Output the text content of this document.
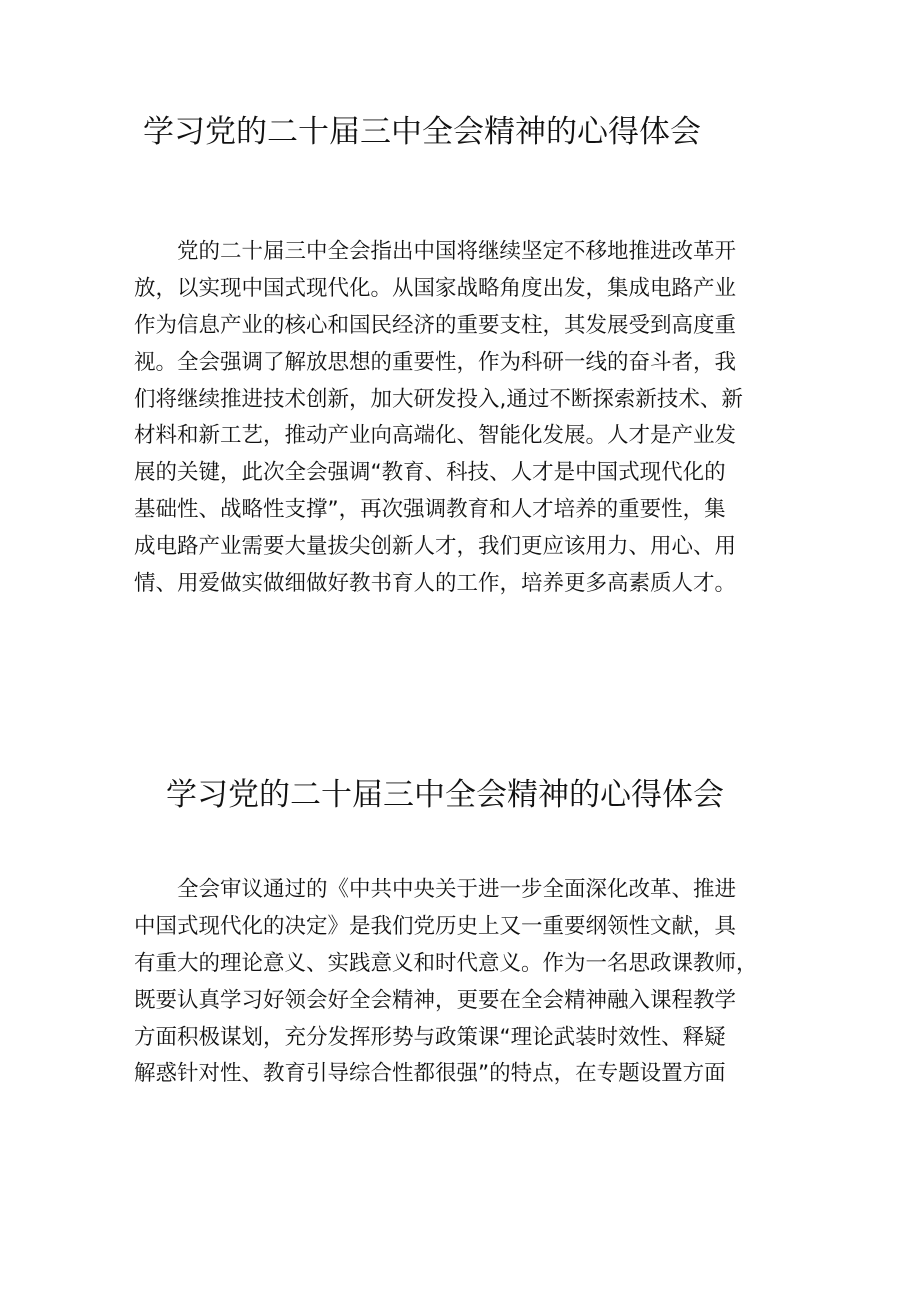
学习党的二十届三中全会精神的心得体会
党的二十届三中全会指出中国将继续坚定不移地推进改革开
放，以实现中国式现代化。从国家战略角度出发，集成电路产业
作为信息产业的核心和国民经济的重要支柱，其发展受到高度重
视。全会强调了解放思想的重要性，作为科研一线的奋斗者，我
们将继续推进技术创新，加大研发投入,通过不断探索新技术、新
材料和新工艺，推动产业向高端化、智能化发展。人才是产业发
展的关键，此次全会强调“教育、科技、人才是中国式现代化的
基础性、战略性支撑”，再次强调教育和人才培养的重要性，集
成电路产业需要大量拔尖创新人才，我们更应该用力、用心、用
情、用爱做实做细做好教书育人的工作，培养更多高素质人才。
学习党的二十届三中全会精神的心得体会
全会审议通过的《中共中央关于进一步全面深化改革、推进
中国式现代化的决定》是我们党历史上又一重要纲领性文献，具
有重大的理论意义、实践意义和时代意义。作为一名思政课教师，
既要认真学习好领会好全会精神，更要在全会精神融入课程教学
方面积极谋划，充分发挥形势与政策课“理论武装时效性、释疑
解惑针对性、教育引导综合性都很强”的特点，在专题设置方面
